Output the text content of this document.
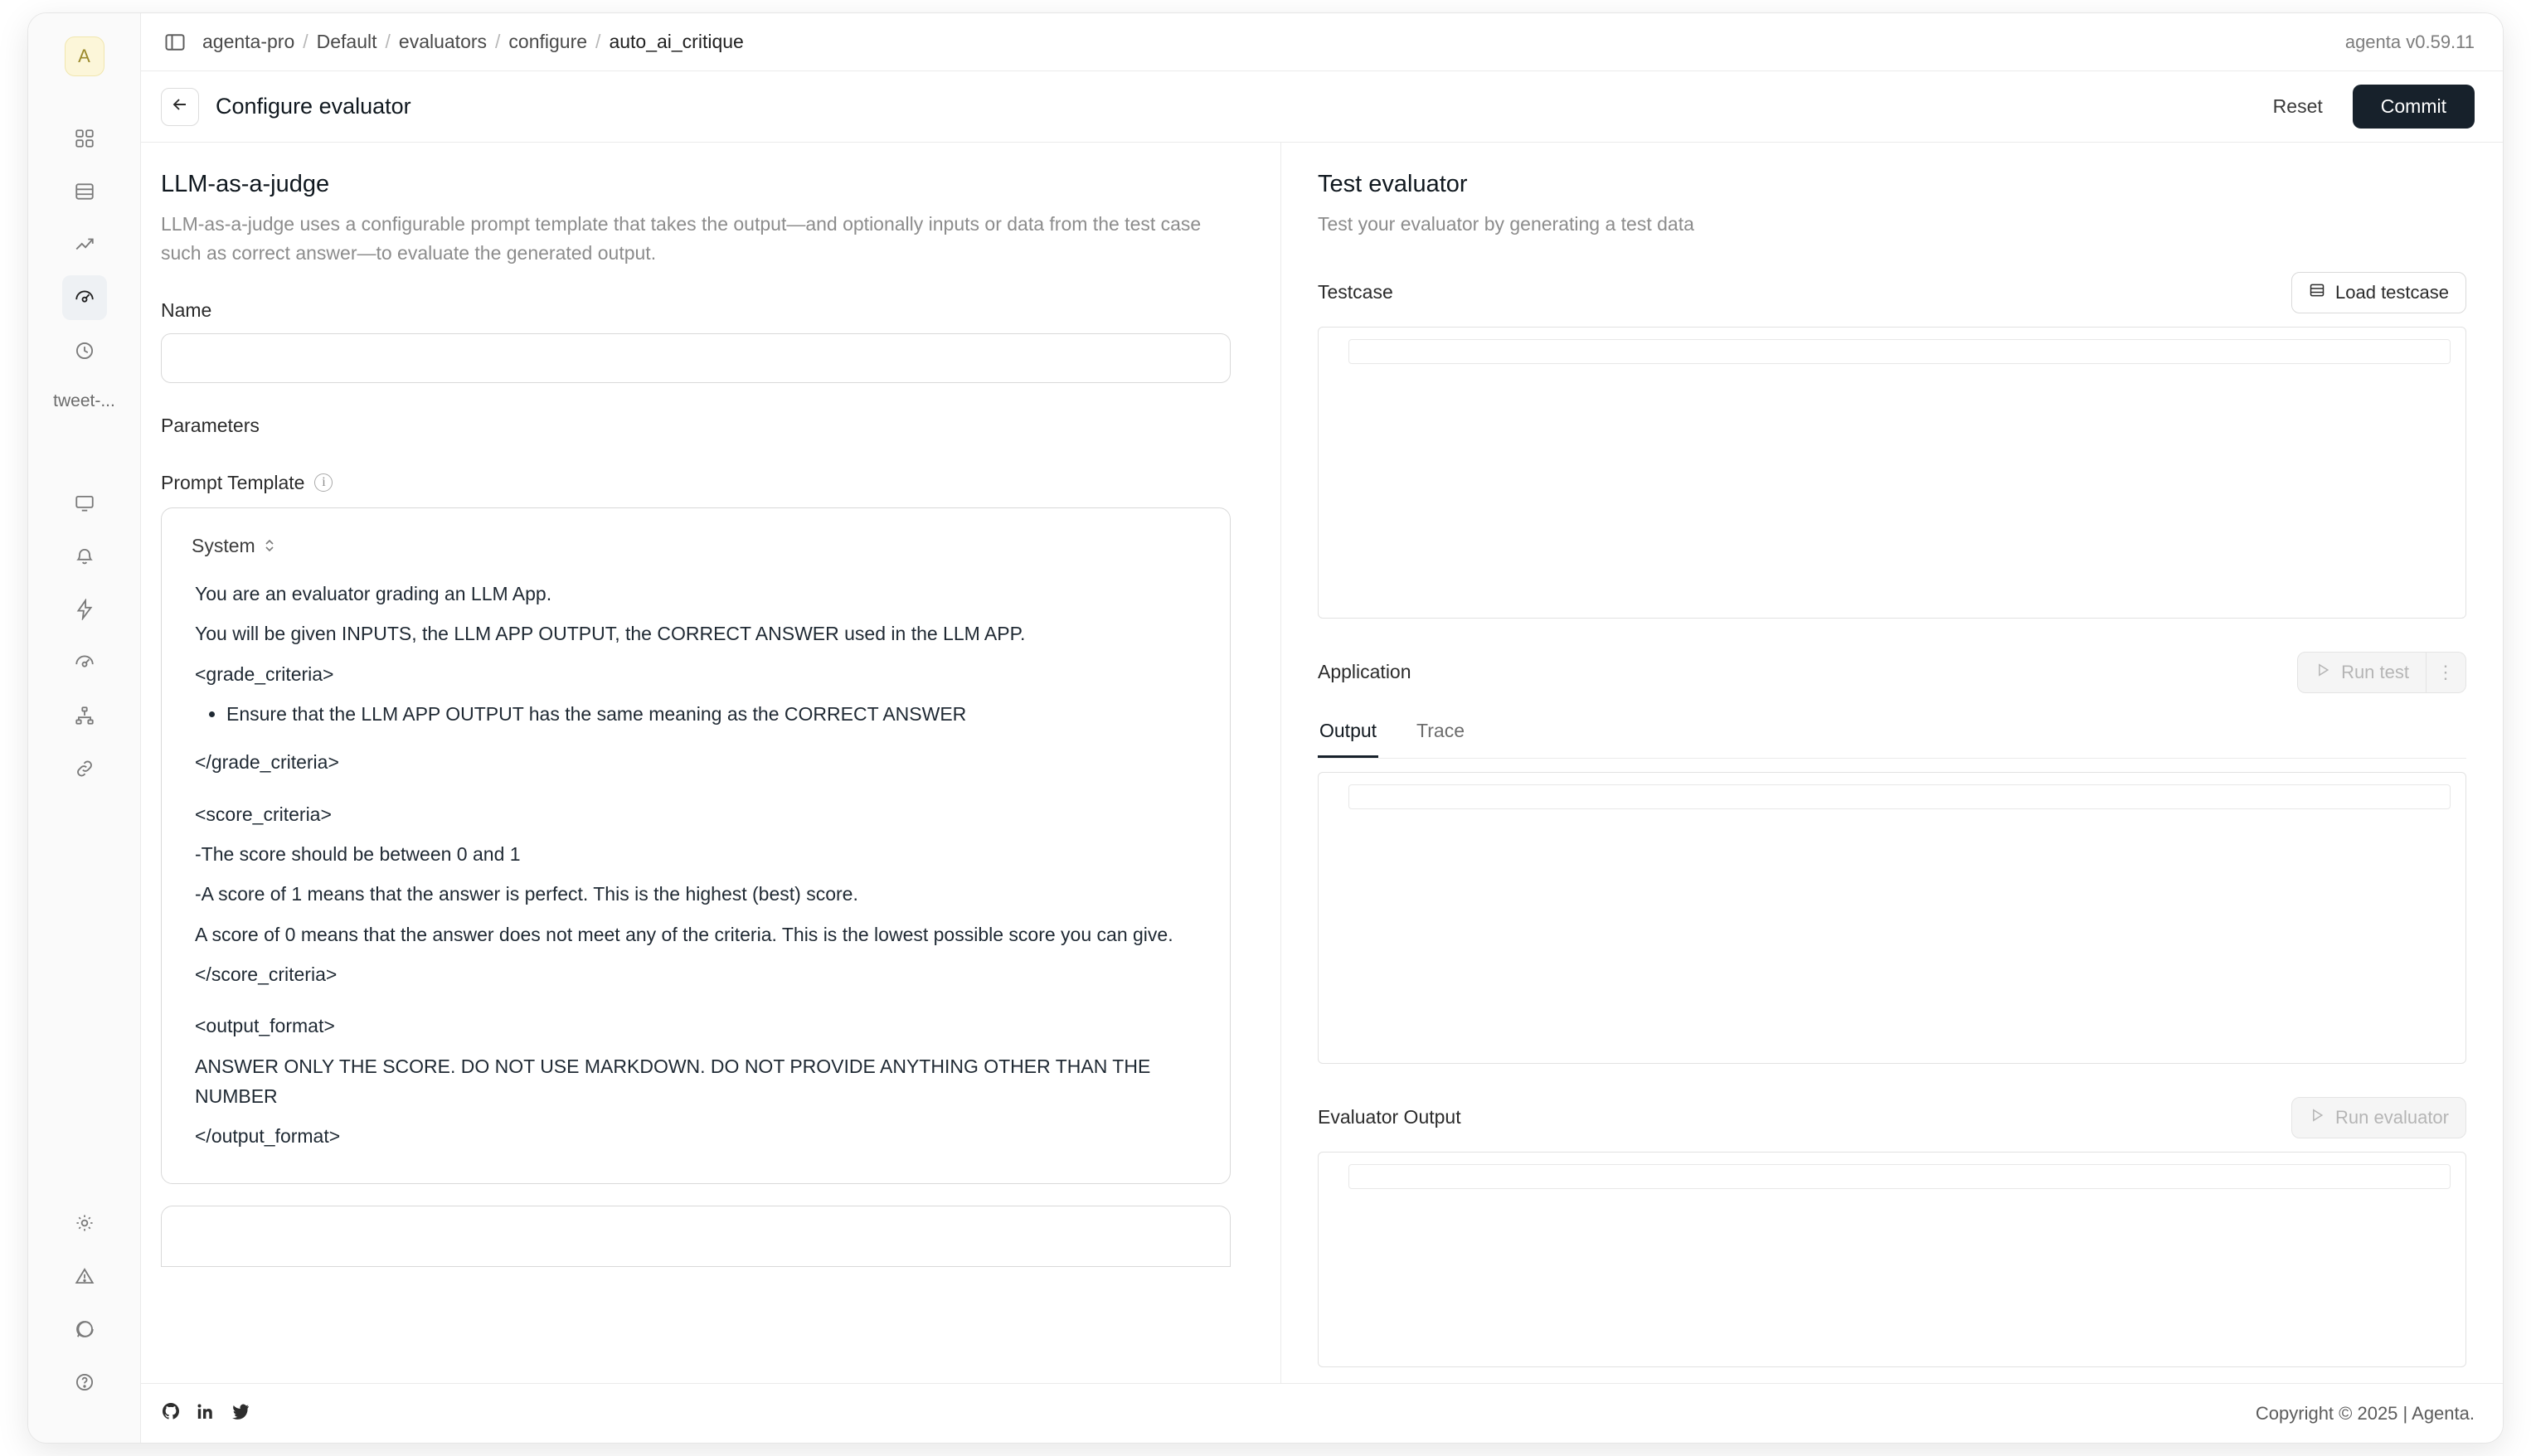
A
tweet-...
agenta-pro / Default / evaluators / configure / auto_ai_critique	agenta v0.59.11
Configure evaluator	Reset	Commit
LLM-as-a-judge

LLM-as-a-judge uses a configurable prompt template that takes the output—and optionally inputs or data from the test case such as correct answer—to evaluate the generated output.

Name
Parameters
Prompt Template	i
System

You are an evaluator grading an LLM App.

You will be given INPUTS, the LLM APP OUTPUT, the CORRECT ANSWER used in the LLM APP.

<grade_criteria>

• Ensure that the LLM APP OUTPUT has the same meaning as the CORRECT ANSWER

</grade_criteria>

<score_criteria>

-The score should be between 0 and 1

-A score of 1 means that the answer is perfect. This is the highest (best) score.

A score of 0 means that the answer does not meet any of the criteria. This is the lowest possible score you can give.

</score_criteria>

<output_format>

ANSWER ONLY THE SCORE. DO NOT USE MARKDOWN. DO NOT PROVIDE ANYTHING OTHER THAN THE NUMBER

</output_format>

Test evaluator

Test your evaluator by generating a test data

Testcase	Load testcase
Application	Run test	⋮
Output Trace
Evaluator Output	Run evaluator
Copyright © 2025 | Agenta.
